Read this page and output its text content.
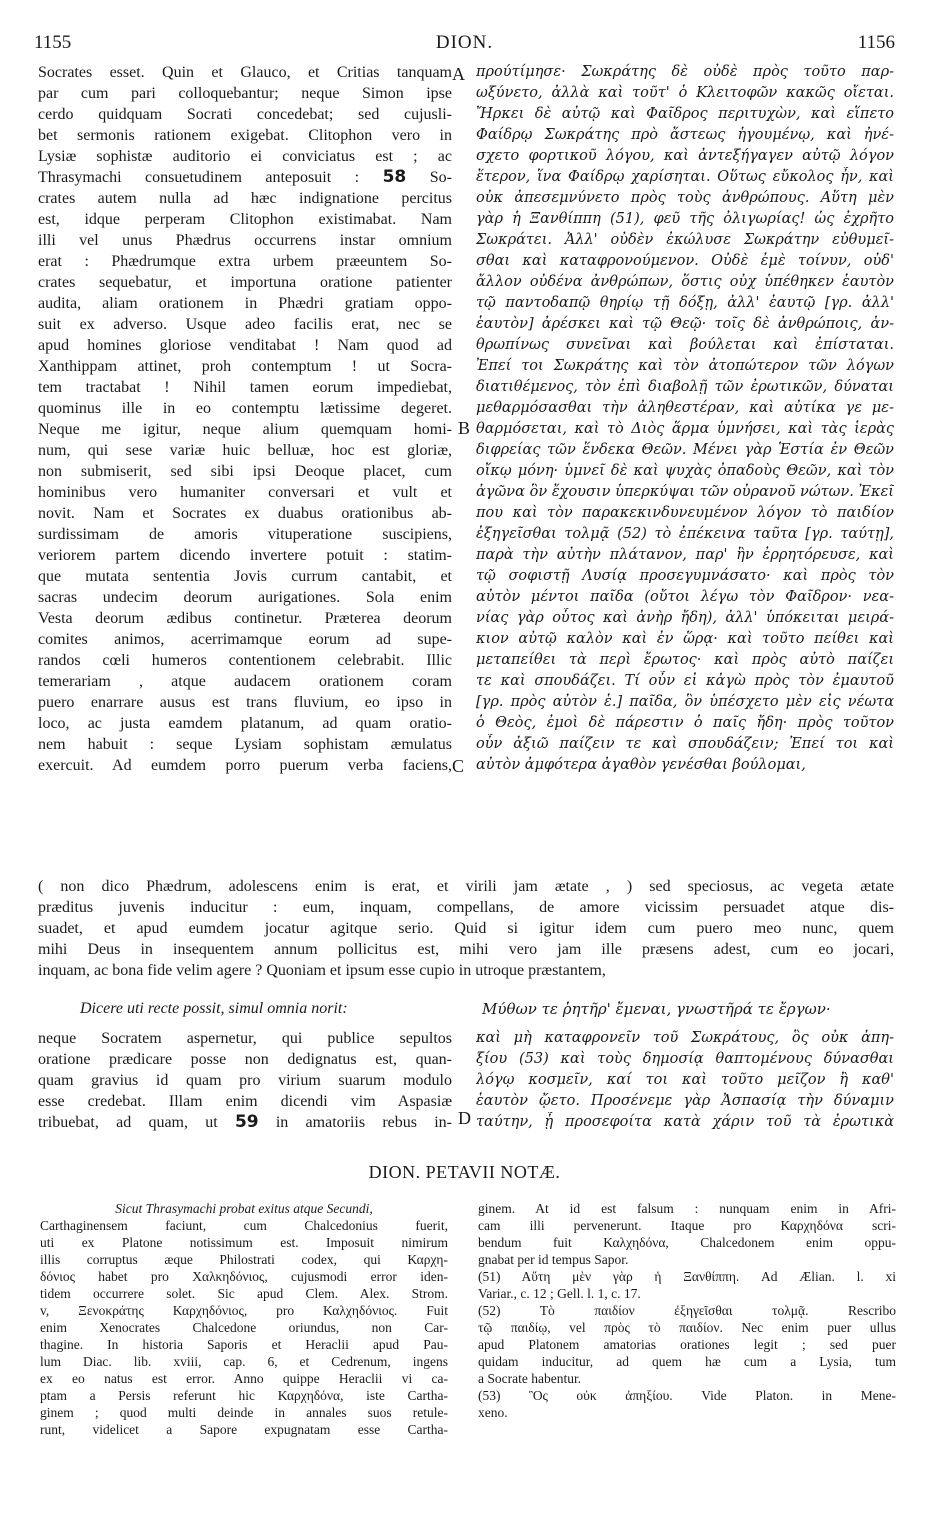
1155	DION.	1156
Socrates esset. Quin et Glauco, et Critias tanquam
par cum pari colloquebantur; neque Simon ipse
cerdo quidquam Socrati concedebat; sed cujusli-
bet sermonis rationem exigebat. Clitophon vero in
Lysiæ sophistæ auditorio ei conviciatus est ; ac
Thrasymachi consuetudinem anteposuit : 58 So-
crates autem nulla ad hæc indignatione percitus
est, idque perperam Clitophon existimabat. Nam
illi vel unus Phædrus occurrens instar omnium
erat : Phædrumque extra urbem præeuntem So-
crates sequebatur, et importuna oratione patienter
audita, aliam orationem in Phædri gratiam oppo-
suit ex adverso. Usque adeo facilis erat, nec se
apud homines gloriose venditabat ! Nam quod ad
Xanthippam attinet, proh contemptum ! ut Socra-
tem tractabat ! Nihil tamen eorum impediebat,
quominus ille in eo contemptu lætissime degeret.
Neque me igitur, neque alium quemquam homi-
num, qui sese variæ huic belluæ, hoc est gloriæ,
non submiserit, sed sibi ipsi Deoque placet, cum
hominibus vero humaniter conversari et vult et
novit. Nam et Socrates ex duabus orationibus ab-
surdissimam de amoris vituperatione suscipiens,
veriorem partem dicendo invertere potuit : statim-
que mutata sententia Jovis currum cantabit, et
sacras undecim deorum aurigationes. Sola enim
Vesta deorum ædibus continetur. Præterea deorum
comites animos, acerrimamque eorum ad supe-
randos cœli humeros contentionem celebrabit. Illic
temerariam , atque audacem orationem coram
puero enarrare ausus est trans fluvium, eo ipso in
loco, ac justa eamdem platanum, ad quam oratio-
nem habuit : seque Lysiam sophistam æmulatus
exercuit. Ad eumdem porro puerum verba faciens,
προύτίμησε· Σωκράτης δὲ οὐδὲ πρὸς τοῦτο παρ-
ωξύνετο, ἀλλὰ καὶ τοῦτ' ὁ Κλειτοφῶν κακῶς οἴεται.
Ἤρκει δὲ αὐτῷ καὶ Φαῖδρος περιτυχὼν, καὶ εἵπετο
Φαίδρῳ Σωκράτης πρὸ ἄστεως ἡγουμένῳ, καὶ ἠνέ-
σχετο φορτικοῦ λόγου, καὶ ἀντεξήγαγεν αὐτῷ λόγον
ἕτερον, ἵνα Φαίδρῳ χαρίσηται. Οὕτως εὔκολος ἦν, καὶ
οὐκ ἀπεσεμνύνετο πρὸς τοὺς ἀνθρώπους. Αὕτη μὲν
γὰρ ἡ Ξανθίππη (51), φεῦ τῆς ὀλιγωρίας! ὡς ἐχρῆτο
Σωκράτει. Ἀλλ' οὐδὲν ἐκώλυσε Σωκράτην εὐθυμεῖ-
σθαι καὶ καταφρονούμενον. Οὐδὲ ἐμὲ τοίνυν, οὐδ'
ἄλλον οὐδένα ἀνθρώπων, ὅστις οὐχ ὑπέθηκεν ἑαυτὸν
τῷ παντοδαπῷ θηρίῳ τῇ δόξῃ, ἀλλ' ἑαυτῷ [γρ. ἀλλ'
ἑαυτὸν] ἀρέσκει καὶ τῷ Θεῷ· τοῖς δὲ ἀνθρώποις, ἀν-
θρωπίνως συνεῖναι καὶ βούλεται καὶ ἐπίσταται.
Ἐπεί τοι Σωκράτης καὶ τὸν ἀτοπώτερον τῶν λόγων
διατιθέμενος, τὸν ἐπὶ διαβολῇ τῶν ἐρωτικῶν, δύναται
μεθαρμόσασθαι τὴν ἀληθεστέραν, καὶ αὐτίκα γε με-
θαρμόσεται, καὶ τὸ Διὸς ἅρμα ὑμνήσει, καὶ τὰς ἱερὰς
διφρείας τῶν ἕνδεκα Θεῶν. Μένει γὰρ Ἑστία ἐν Θεῶν
οἴκῳ μόνη· ὑμνεῖ δὲ καὶ ψυχὰς ὀπαδοὺς Θεῶν, καὶ τὸν
ἀγῶνα ὃν ἔχουσιν ὑπερκύψαι τῶν οὐρανοῦ νώτων. Ἐκεῖ
που καὶ τὸν παρακεκινδυνευμένον λόγον τὸ παιδίον
ἐξηγεῖσθαι τολμᾷ (52) τὸ ἐπέκεινα ταῦτα [γρ. ταύτῃ],
παρὰ τὴν αὐτὴν πλάτανον, παρ' ἣν ἐρρητόρευσε, καὶ
τῷ σοφιστῇ Λυσίᾳ προσεγυμνάσατο· καὶ πρὸς τὸν
αὐτὸν μέντοι παῖδα (οὔτοι λέγω τὸν Φαῖδρον· νεα-
νίας γὰρ οὗτος καὶ ἀνὴρ ἤδη), ἀλλ' ὑπόκειται μειρά-
κιον αὐτῷ καλὸν καὶ ἐν ὥρᾳ· καὶ τοῦτο πείθει καὶ
μεταπείθει τὰ περὶ ἔρωτος· καὶ πρὸς αὐτὸ παίζει
τε καὶ σπουδάζει. Τί οὖν εἰ κἀγὼ πρὸς τὸν ἐμαυτοῦ
[γρ. πρὸς αὐτὸν ἑ.] παῖδα, ὃν ὑπέσχετο μὲν εἰς νέωτα
ὁ Θεὸς, ἐμοὶ δὲ πάρεστιν ὁ παῖς ἤδη· πρὸς τοῦτον
οὖν ἀξιῶ παίζειν τε καὶ σπουδάζειν; Ἐπεί τοι καὶ
αὐτὸν ἀμφότερα ἀγαθὸν γενέσθαι βούλομαι,
A
B
C
D
( non dico Phædrum, adolescens enim is erat, et virili jam ætate , ) sed speciosus, ac vegeta ætate
præditus juvenis inducitur : eum, inquam, compellans, de amore vicissim persuadet atque dis-
suadet, et apud eumdem jocatur agitque serio. Quid si igitur idem cum puero meo nunc, quem
mihi Deus in insequentem annum pollicitus est, mihi vero jam ille præsens adest, cum eo jocari,
inquam, ac bona fide velim agere ? Quoniam et ipsum esse cupio in utroque præstantem,
Dicere uti recte possit, simul omnia norit:	Μύθων τε ῥητῆρ' ἔμεναι, γνωστῆρά τε ἔργων·
neque Socratem aspernetur, qui publice sepultos
oratione prædicare posse non dedignatus est, quan-
quam gravius id quam pro virium suarum modulo
esse credebat. Illam enim dicendi vim Aspasiæ
tribuebat, ad quam, ut 59 in amatoriis rebus in-
καὶ μὴ καταφρονεῖν τοῦ Σωκράτους, ὃς οὐκ ἀπη-
ξίου (53) καὶ τοὺς δημοσίᾳ θαπτομένους δύνασθαι
λόγῳ κοσμεῖν, καί τοι καὶ τοῦτο μεῖζον ἢ καθ'
ἑαυτὸν ᾤετο. Προσένεμε γὰρ Ἀσπασίᾳ τὴν δύναμιν
ταύτην, ᾗ προσεφοίτα κατὰ χάριν τοῦ τὰ ἐρωτικὰ
DION. PETAVII NOTÆ.
Sicut Thrasymachi probat exitus atque Secundi,
Carthaginensem faciunt, cum Chalcedonius fuerit,
uti ex Platone notissimum est. Imposuit nimirum
illis corruptus æque Philostrati codex, qui Καρχη-
δόνιος habet pro Χαλκηδόνιος, cujusmodi error iden-
tidem occurrere solet. Sic apud Clem. Alex. Strom.
v, Ξενοκράτης Καρχηδόνιος, pro Καλχηδόνιος. Fuit
enim Xenocrates Chalcedone oriundus, non Car-
thagine. In historia Saporis et Heraclii apud Pau-
lum Diac. lib. xviii, cap. 6, et Cedrenum, ingens
ex eo natus est error. Anno quippe Heraclii vi ca-
ptam a Persis referunt hic Καρχηδόνα, iste Cartha-
ginem ; quod multi deinde in annales suos retule-
runt, videlicet a Sapore expugnatam esse Cartha-
ginem. At id est falsum : nunquam enim in Afri-
cam illi pervenerunt. Itaque pro Καρχηδόνα scri-
bendum fuit Καλχηδόνα, Chalcedonem enim oppu-
gnabat per id tempus Sapor.
(51) Αὕτη μὲν γὰρ ἡ Ξανθίππη. Ad Ælian. l. xi
Variar., c. 12 ; Gell. l. 1, c. 17.
(52) Τὸ παιδίον ἐξηγεῖσθαι τολμᾷ. Rescribo
τῷ παιδίῳ, vel πρὸς τὸ παιδίον. Nec enim puer ullus
apud Platonem amatorias orationes legit ; sed puer
quidam inducitur, ad quem hæ cum a Lysia, tum
a Socrate habentur.
(53) Ὃς οὐκ ἀπηξίου. Vide Platon. in Mene-
xeno.
